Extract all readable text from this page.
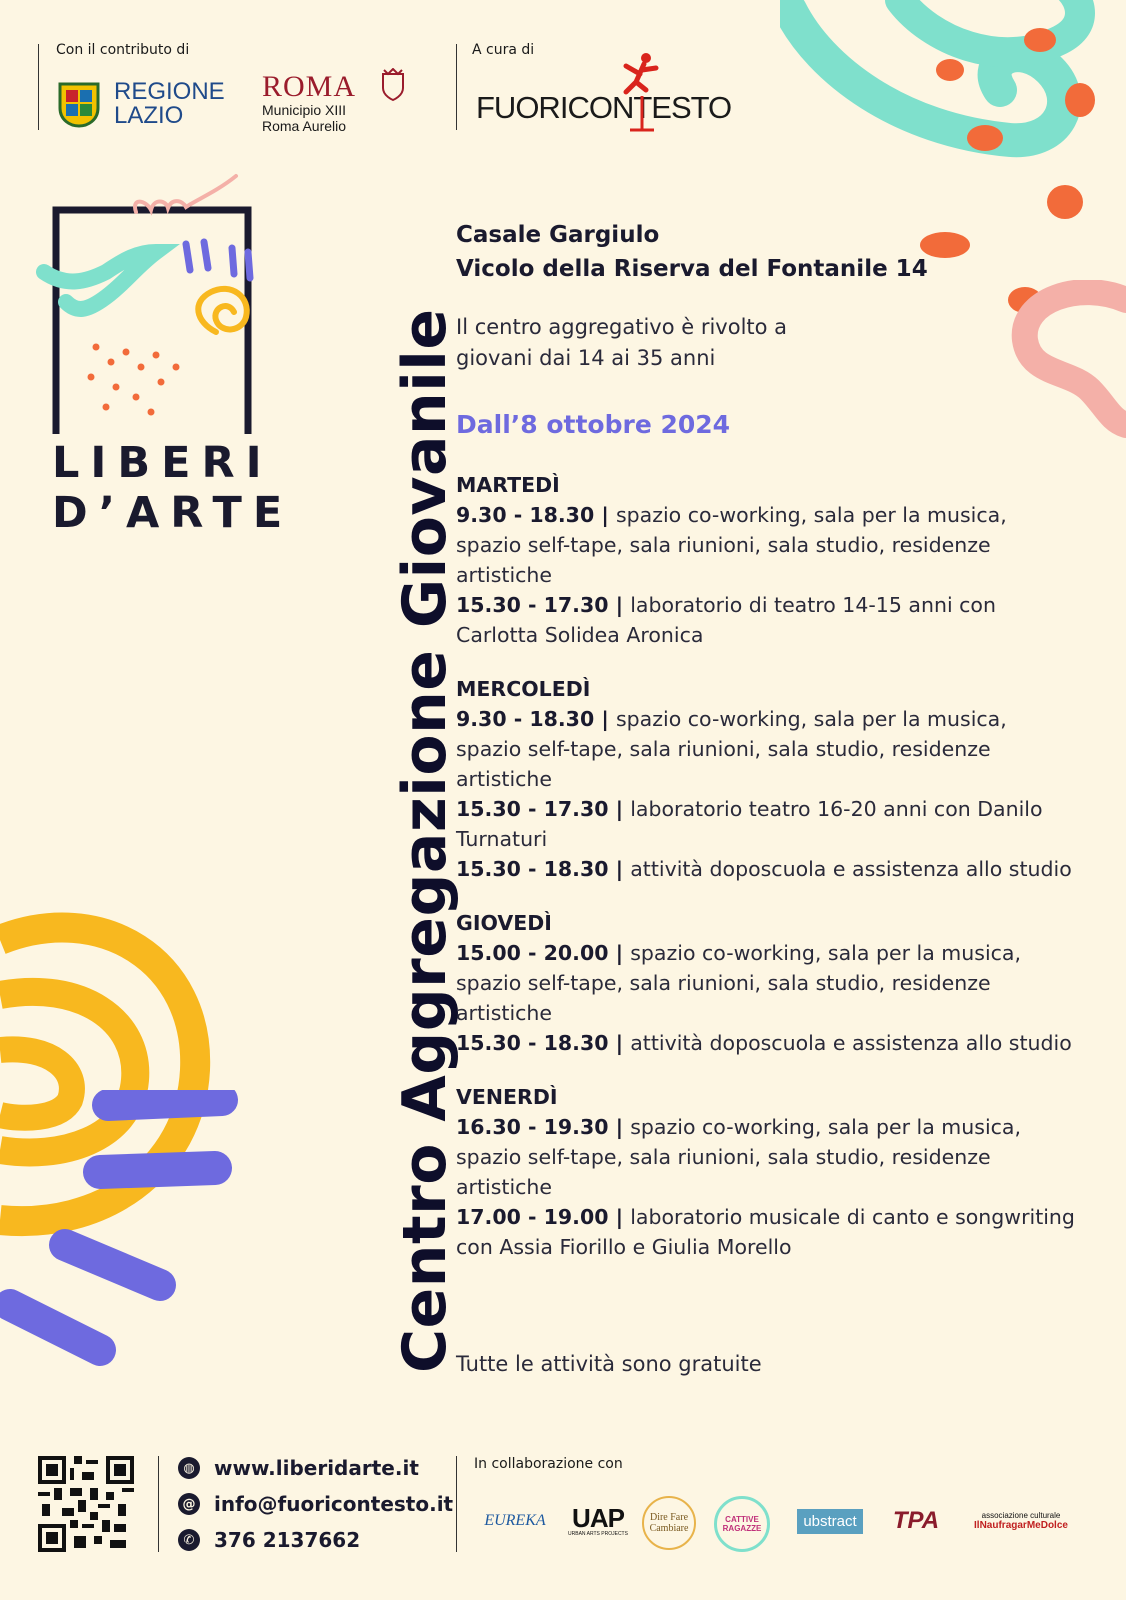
Con il contributo di
REGIONE
LAZIO
ROMA
Municipio XIII
Roma Aurelio
A cura di
FUORICONTESTO
LIBERI
D’ARTE Centro Aggregazione Giovanile
Casale Gargiulo
Vicolo della Riserva del Fontanile 14
Il centro aggregativo è rivolto a
giovani dai 14 ai 35 anni
Dall’8 ottobre 2024
MARTEDÌ
9.30 - 18.30 | spazio co-working, sala per la musica, spazio self-tape, sala riunioni, sala studio, residenze artistiche
15.30 - 17.30 | laboratorio di teatro 14-15 anni con Carlotta Solidea Aronica
MERCOLEDÌ
9.30 - 18.30 | spazio co-working, sala per la musica, spazio self-tape, sala riunioni, sala studio, residenze artistiche
15.30 - 17.30 | laboratorio teatro 16-20 anni con Danilo Turnaturi
15.30 - 18.30 | attività doposcuola e assistenza allo studio
GIOVEDÌ
15.00 - 20.00 | spazio co-working, sala per la musica, spazio self-tape, sala riunioni, sala studio, residenze artistiche
15.30 - 18.30 | attività doposcuola e assistenza allo studio
VENERDÌ
16.30 - 19.30 | spazio co-working, sala per la musica, spazio self-tape, sala riunioni, sala studio, residenze artistiche
17.00 - 19.00 | laboratorio musicale di canto e songwriting con Assia Fiorillo e Giulia Morello
Tutte le attività sono gratuite
◍ www.liberidarte.it
@ info@fuoricontesto.it
✆ 376 2137662
In collaborazione con
EUREKA UAP
URBAN ARTS PROJECTS
Dire Fare Cambiare
CATTIVE RAGAZZE	ubstract TPA	associazione culturale
IlNaufragarMeDolce
